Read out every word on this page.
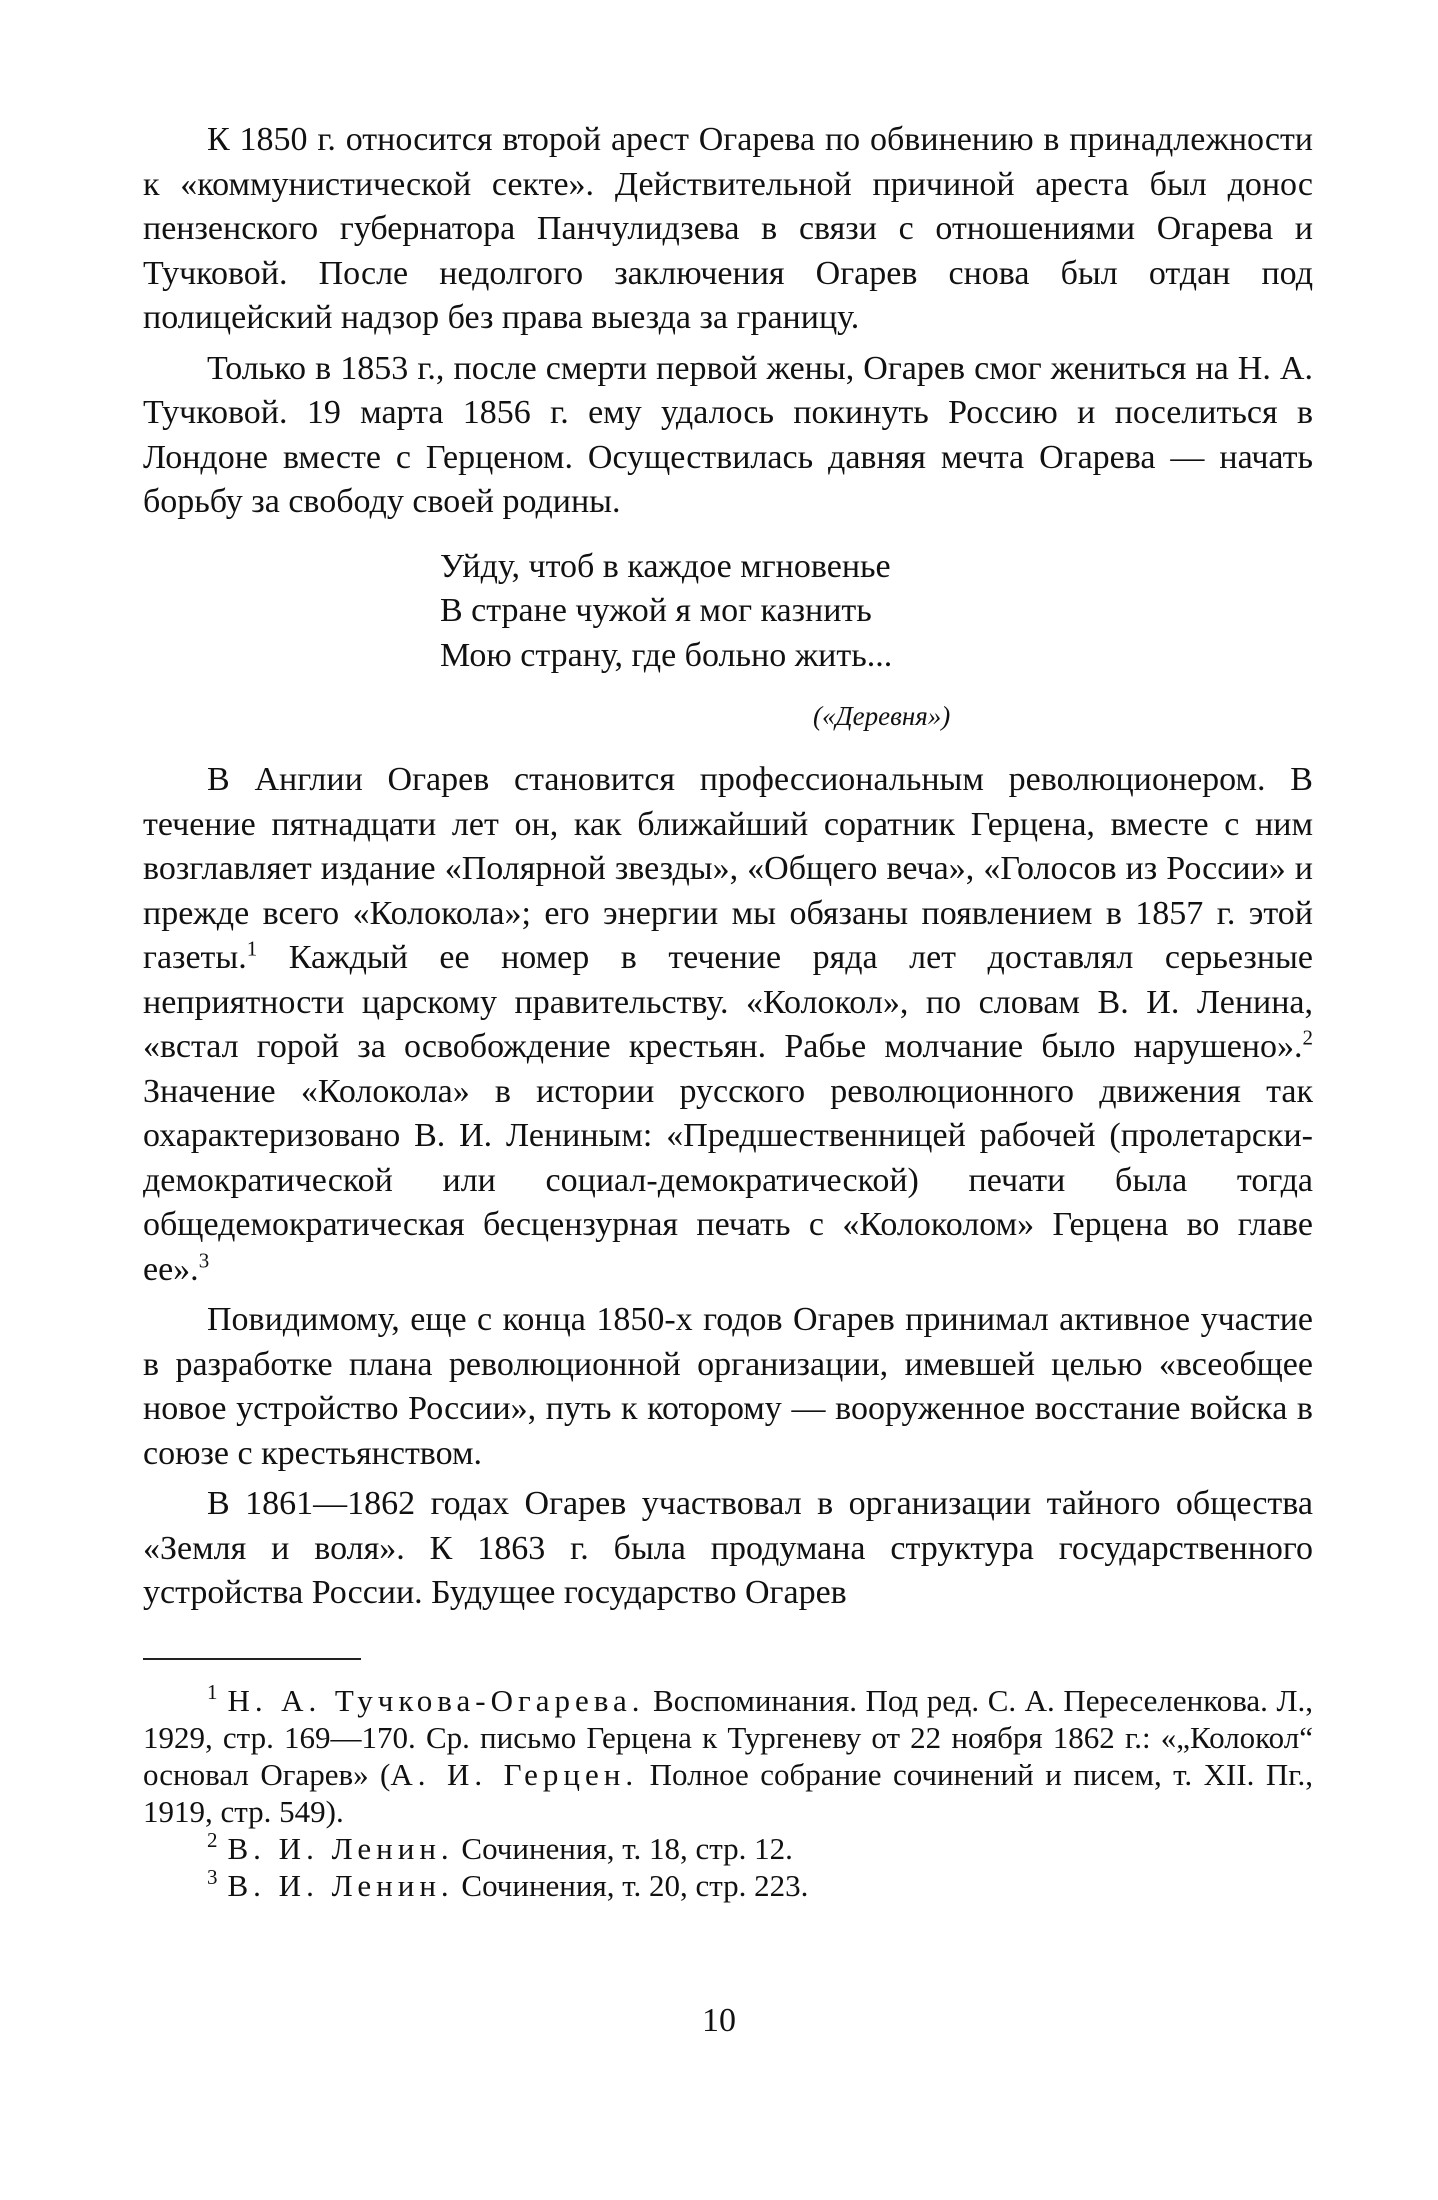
К 1850 г. относится второй арест Огарева по обвинению в принадлежности к «коммунистической секте». Действительной причиной ареста был донос пензенского губернатора Панчулидзева в связи с отношениями Огарева и Тучковой. После недолгого заключения Огарев снова был отдан под полицейский надзор без права выезда за границу.

Только в 1853 г., после смерти первой жены, Огарев смог жениться на Н. А. Тучковой. 19 марта 1856 г. ему удалось покинуть Россию и поселиться в Лондоне вместе с Герценом. Осуществилась давняя мечта Огарева — начать борьбу за свободу своей родины.

Уйду, чтоб в каждое мгновенье
В стране чужой я мог казнить
Мою страну, где больно жить...
(«Деревня»)

В Англии Огарев становится профессиональным революционером. В течение пятнадцати лет он, как ближайший соратник Герцена, вместе с ним возглавляет издание «Полярной звезды», «Общего веча», «Голосов из России» и прежде всего «Колокола»; его энергии мы обязаны появлением в 1857 г. этой газеты.$^1$ Каждый ее номер в течение ряда лет доставлял серьезные неприятности царскому правительству. «Колокол», по словам В. И. Ленина, «встал горой за освобождение крестьян. Рабье молчание было нарушено».$^2$ Значение «Колокола» в истории русского революционного движения так охарактеризовано В. И. Лениным: «Предшественницей рабочей (пролетарски-демократической или социал-демократической) печати была тогда общедемократическая бесцензурная печать с «Колоколом» Герцена во главе ее».$^3$

Повидимому, еще с конца 1850-х годов Огарев принимал активное участие в разработке плана революционной организации, имевшей целью «всеобщее новое устройство России», путь к которому — вооруженное восстание войска в союзе с крестьянством.

В 1861—1862 годах Огарев участвовал в организации тайного общества «Земля и воля». К 1863 г. была продумана структура государственного устройства России. Будущее государство Огарев

$^1$ Н. А. Тучкова-Огарева. Воспоминания. Под ред. С. А. Переселенкова. Л., 1929, стр. 169—170. Ср. письмо Герцена к Тургеневу от 22 ноября 1862 г.: «„Колокол“ основал Огарев» (А. И. Герцен. Полное собрание сочинений и писем, т. XII. Пг., 1919, стр. 549).

$^2$ В. И. Ленин. Сочинения, т. 18, стр. 12.

$^3$ В. И. Ленин. Сочинения, т. 20, стр. 223.

10
